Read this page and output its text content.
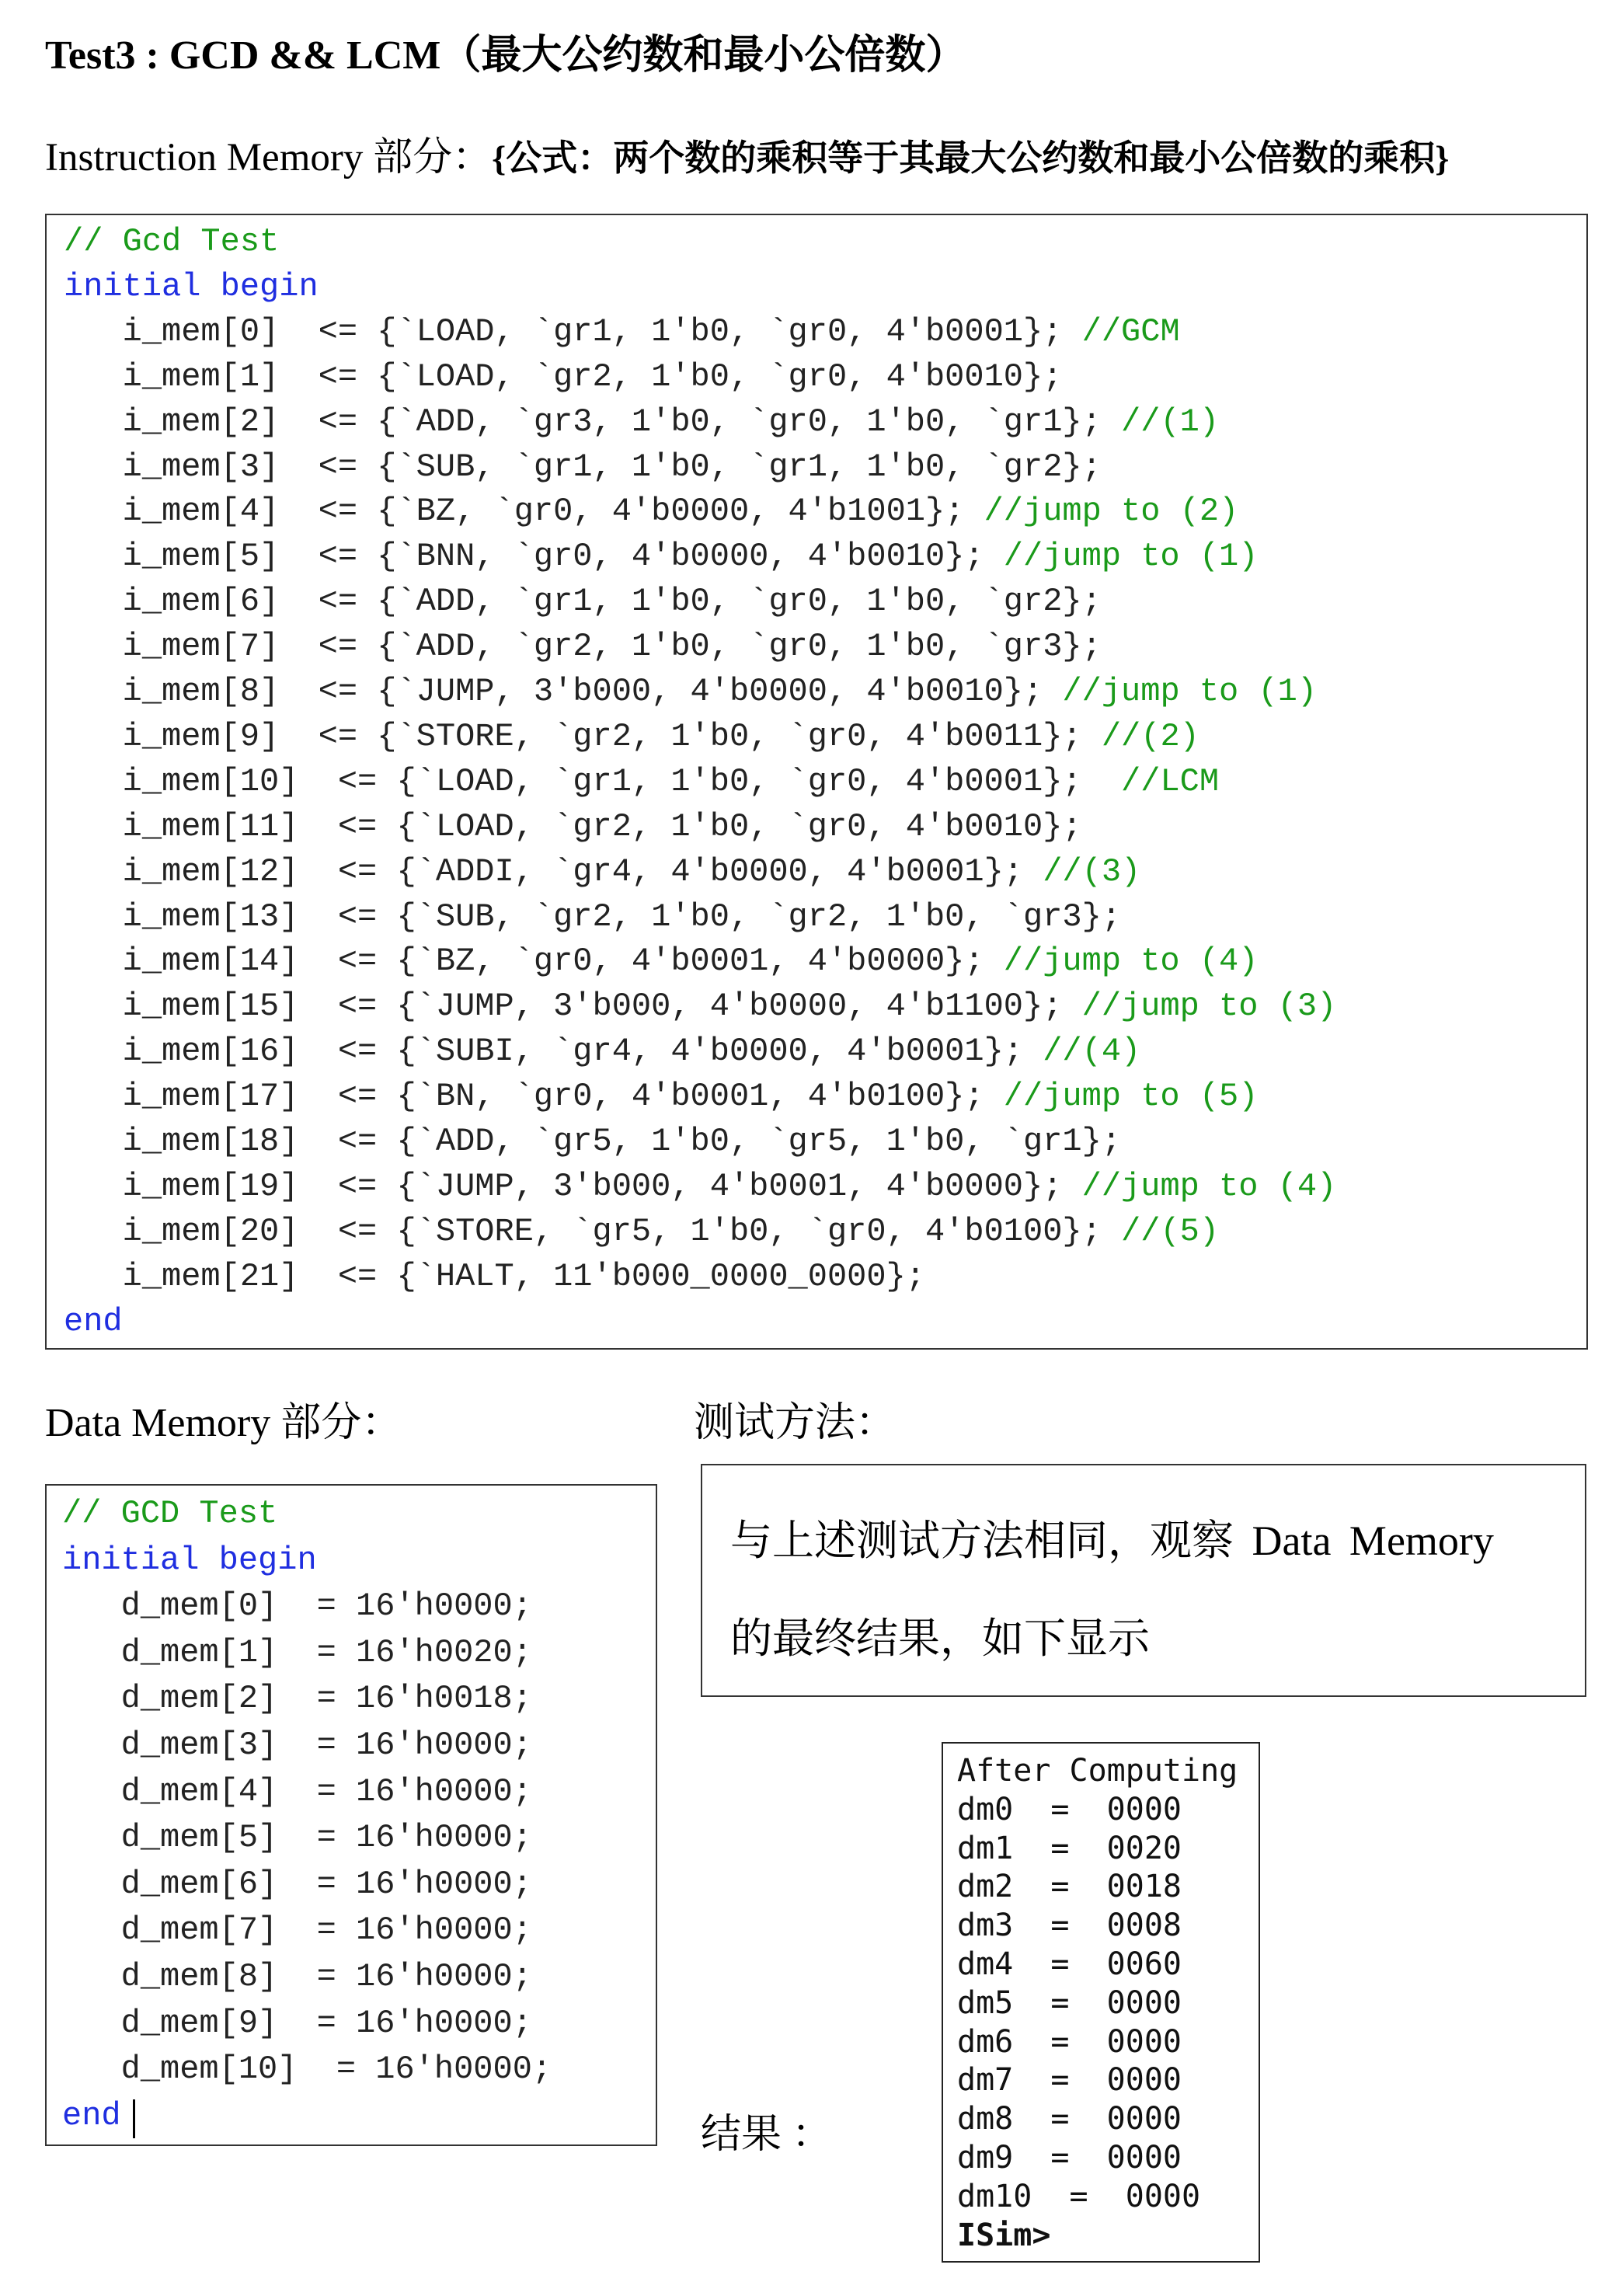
Test3 : GCD && LCM（最大公约数和最小公倍数）
Instruction Memory 部分：{公式：两个数的乘积等于其最大公约数和最小公倍数的乘积}
// Gcd Test
initial begin
i_mem[0]  <= {`LOAD, `gr1, 1'b0, `gr0, 4'b0001}; //GCM
i_mem[1]  <= {`LOAD, `gr2, 1'b0, `gr0, 4'b0010};
i_mem[2]  <= {`ADD, `gr3, 1'b0, `gr0, 1'b0, `gr1}; //(1)
i_mem[3]  <= {`SUB, `gr1, 1'b0, `gr1, 1'b0, `gr2};
i_mem[4]  <= {`BZ, `gr0, 4'b0000, 4'b1001}; //jump to (2)
i_mem[5]  <= {`BNN, `gr0, 4'b0000, 4'b0010}; //jump to (1)
i_mem[6]  <= {`ADD, `gr1, 1'b0, `gr0, 1'b0, `gr2};
i_mem[7]  <= {`ADD, `gr2, 1'b0, `gr0, 1'b0, `gr3};
i_mem[8]  <= {`JUMP, 3'b000, 4'b0000, 4'b0010}; //jump to (1)
i_mem[9]  <= {`STORE, `gr2, 1'b0, `gr0, 4'b0011}; //(2)
i_mem[10]  <= {`LOAD, `gr1, 1'b0, `gr0, 4'b0001};  //LCM
i_mem[11]  <= {`LOAD, `gr2, 1'b0, `gr0, 4'b0010};
i_mem[12]  <= {`ADDI, `gr4, 4'b0000, 4'b0001}; //(3)
i_mem[13]  <= {`SUB, `gr2, 1'b0, `gr2, 1'b0, `gr3};
i_mem[14]  <= {`BZ, `gr0, 4'b0001, 4'b0000}; //jump to (4)
i_mem[15]  <= {`JUMP, 3'b000, 4'b0000, 4'b1100}; //jump to (3)
i_mem[16]  <= {`SUBI, `gr4, 4'b0000, 4'b0001}; //(4)
i_mem[17]  <= {`BN, `gr0, 4'b0001, 4'b0100}; //jump to (5)
i_mem[18]  <= {`ADD, `gr5, 1'b0, `gr5, 1'b0, `gr1};
i_mem[19]  <= {`JUMP, 3'b000, 4'b0001, 4'b0000}; //jump to (4)
i_mem[20]  <= {`STORE, `gr5, 1'b0, `gr0, 4'b0100}; //(5)
i_mem[21]  <= {`HALT, 11'b000_0000_0000};
end
Data Memory 部分：	测试方法：
// GCD Test
initial begin
d_mem[0]  = 16'h0000;
d_mem[1]  = 16'h0020;
d_mem[2]  = 16'h0018;
d_mem[3]  = 16'h0000;
d_mem[4]  = 16'h0000;
d_mem[5]  = 16'h0000;
d_mem[6]  = 16'h0000;
d_mem[7]  = 16'h0000;
d_mem[8]  = 16'h0000;
d_mem[9]  = 16'h0000;
d_mem[10]  = 16'h0000;
end
与上述测试方法相同，观察 Data Memory
的最终结果，如下显示
结果 ：
After Computing
dm0  =  0000
dm1  =  0020
dm2  =  0018
dm3  =  0008
dm4  =  0060
dm5  =  0000
dm6  =  0000
dm7  =  0000
dm8  =  0000
dm9  =  0000
dm10  =  0000
ISim>
